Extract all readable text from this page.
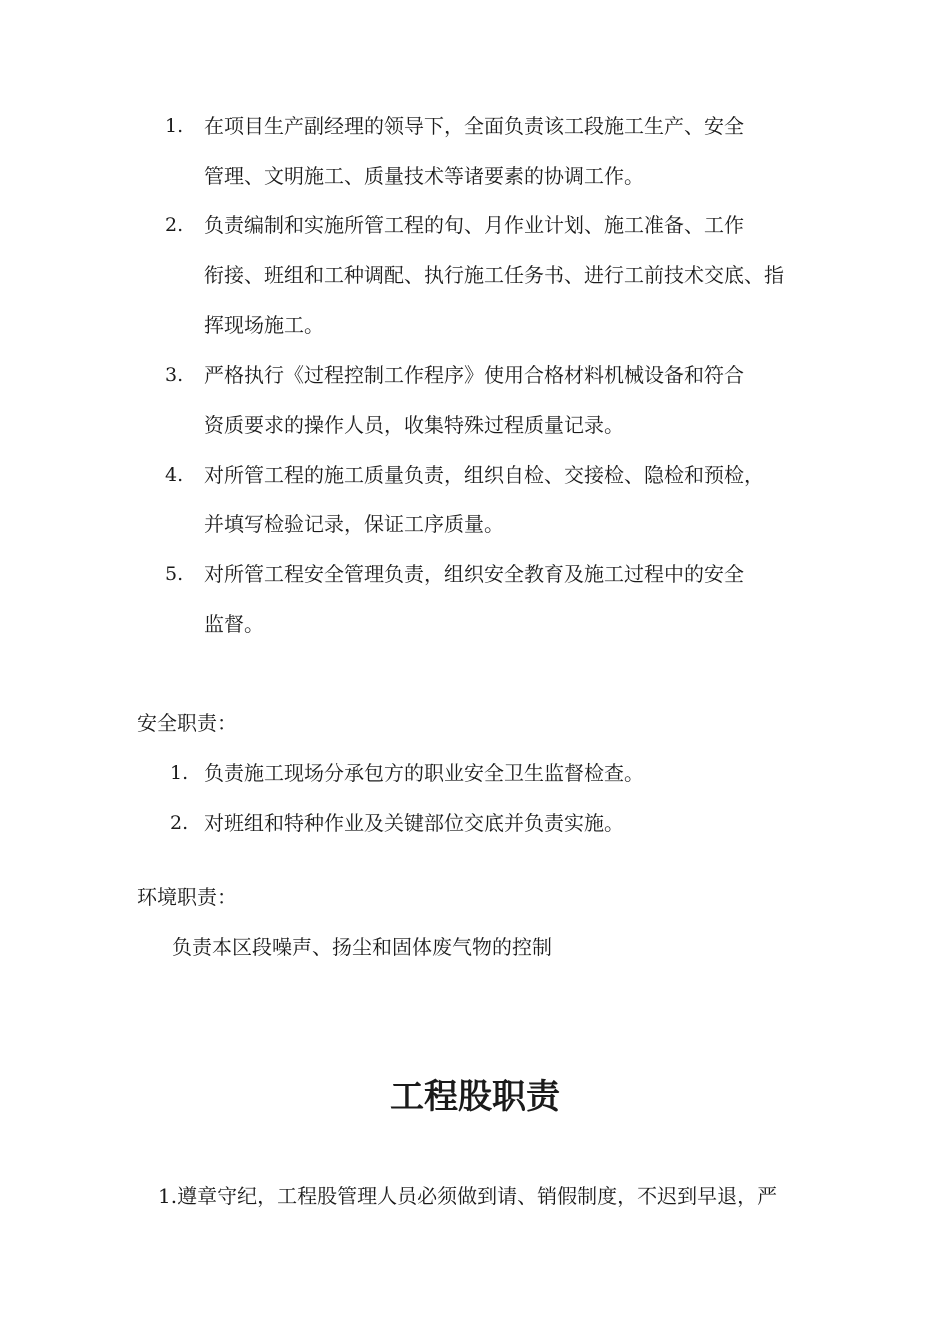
1. 在项目生产副经理的领导下，全面负责该工段施工生产、安全
管理、文明施工、质量技术等诸要素的协调工作。
2. 负责编制和实施所管工程的旬、月作业计划、施工准备、工作
衔接、班组和工种调配、执行施工任务书、进行工前技术交底、指
挥现场施工。
3. 严格执行《过程控制工作程序》使用合格材料机械设备和符合
资质要求的操作人员，收集特殊过程质量记录。
4. 对所管工程的施工质量负责，组织自检、交接检、隐检和预检，
并填写检验记录，保证工序质量。
5. 对所管工程安全管理负责，组织安全教育及施工过程中的安全
监督。
安全职责：
1. 负责施工现场分承包方的职业安全卫生监督检查。
2. 对班组和特种作业及关键部位交底并负责实施。
环境职责：
负责本区段噪声、扬尘和固体废气物的控制
工程股职责
1.遵章守纪，工程股管理人员必须做到请、销假制度，不迟到早退，严
